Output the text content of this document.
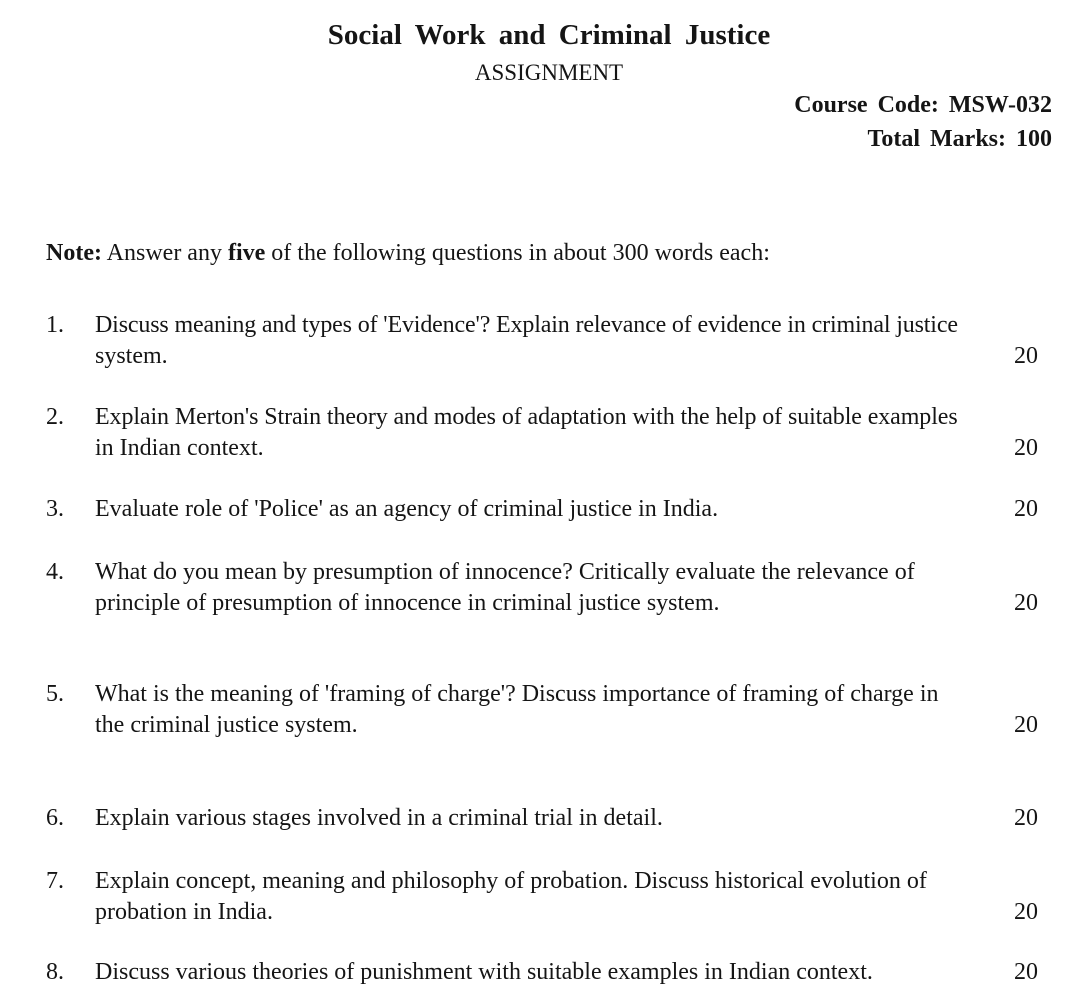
Social Work and Criminal Justice
ASSIGNMENT
Course Code: MSW-032
Total Marks: 100
Note: Answer any five of the following questions in about 300 words each:
1. Discuss meaning and types of 'Evidence'? Explain relevance of evidence in criminal justice
system.	20
2. Explain Merton's Strain theory and modes of adaptation with the help of suitable examples
in Indian context.	20
3. Evaluate role of 'Police' as an agency of criminal justice in India.	20
4. What do you mean by presumption of innocence? Critically evaluate the relevance of
principle of presumption of innocence in criminal justice system.	20
5. What is the meaning of 'framing of charge'? Discuss importance of framing of charge in
the criminal justice system.	20
6. Explain various stages involved in a criminal trial in detail.	20
7. Explain concept, meaning and philosophy of probation. Discuss historical evolution of
probation in India.	20
8. Discuss various theories of punishment with suitable examples in Indian context.	20
